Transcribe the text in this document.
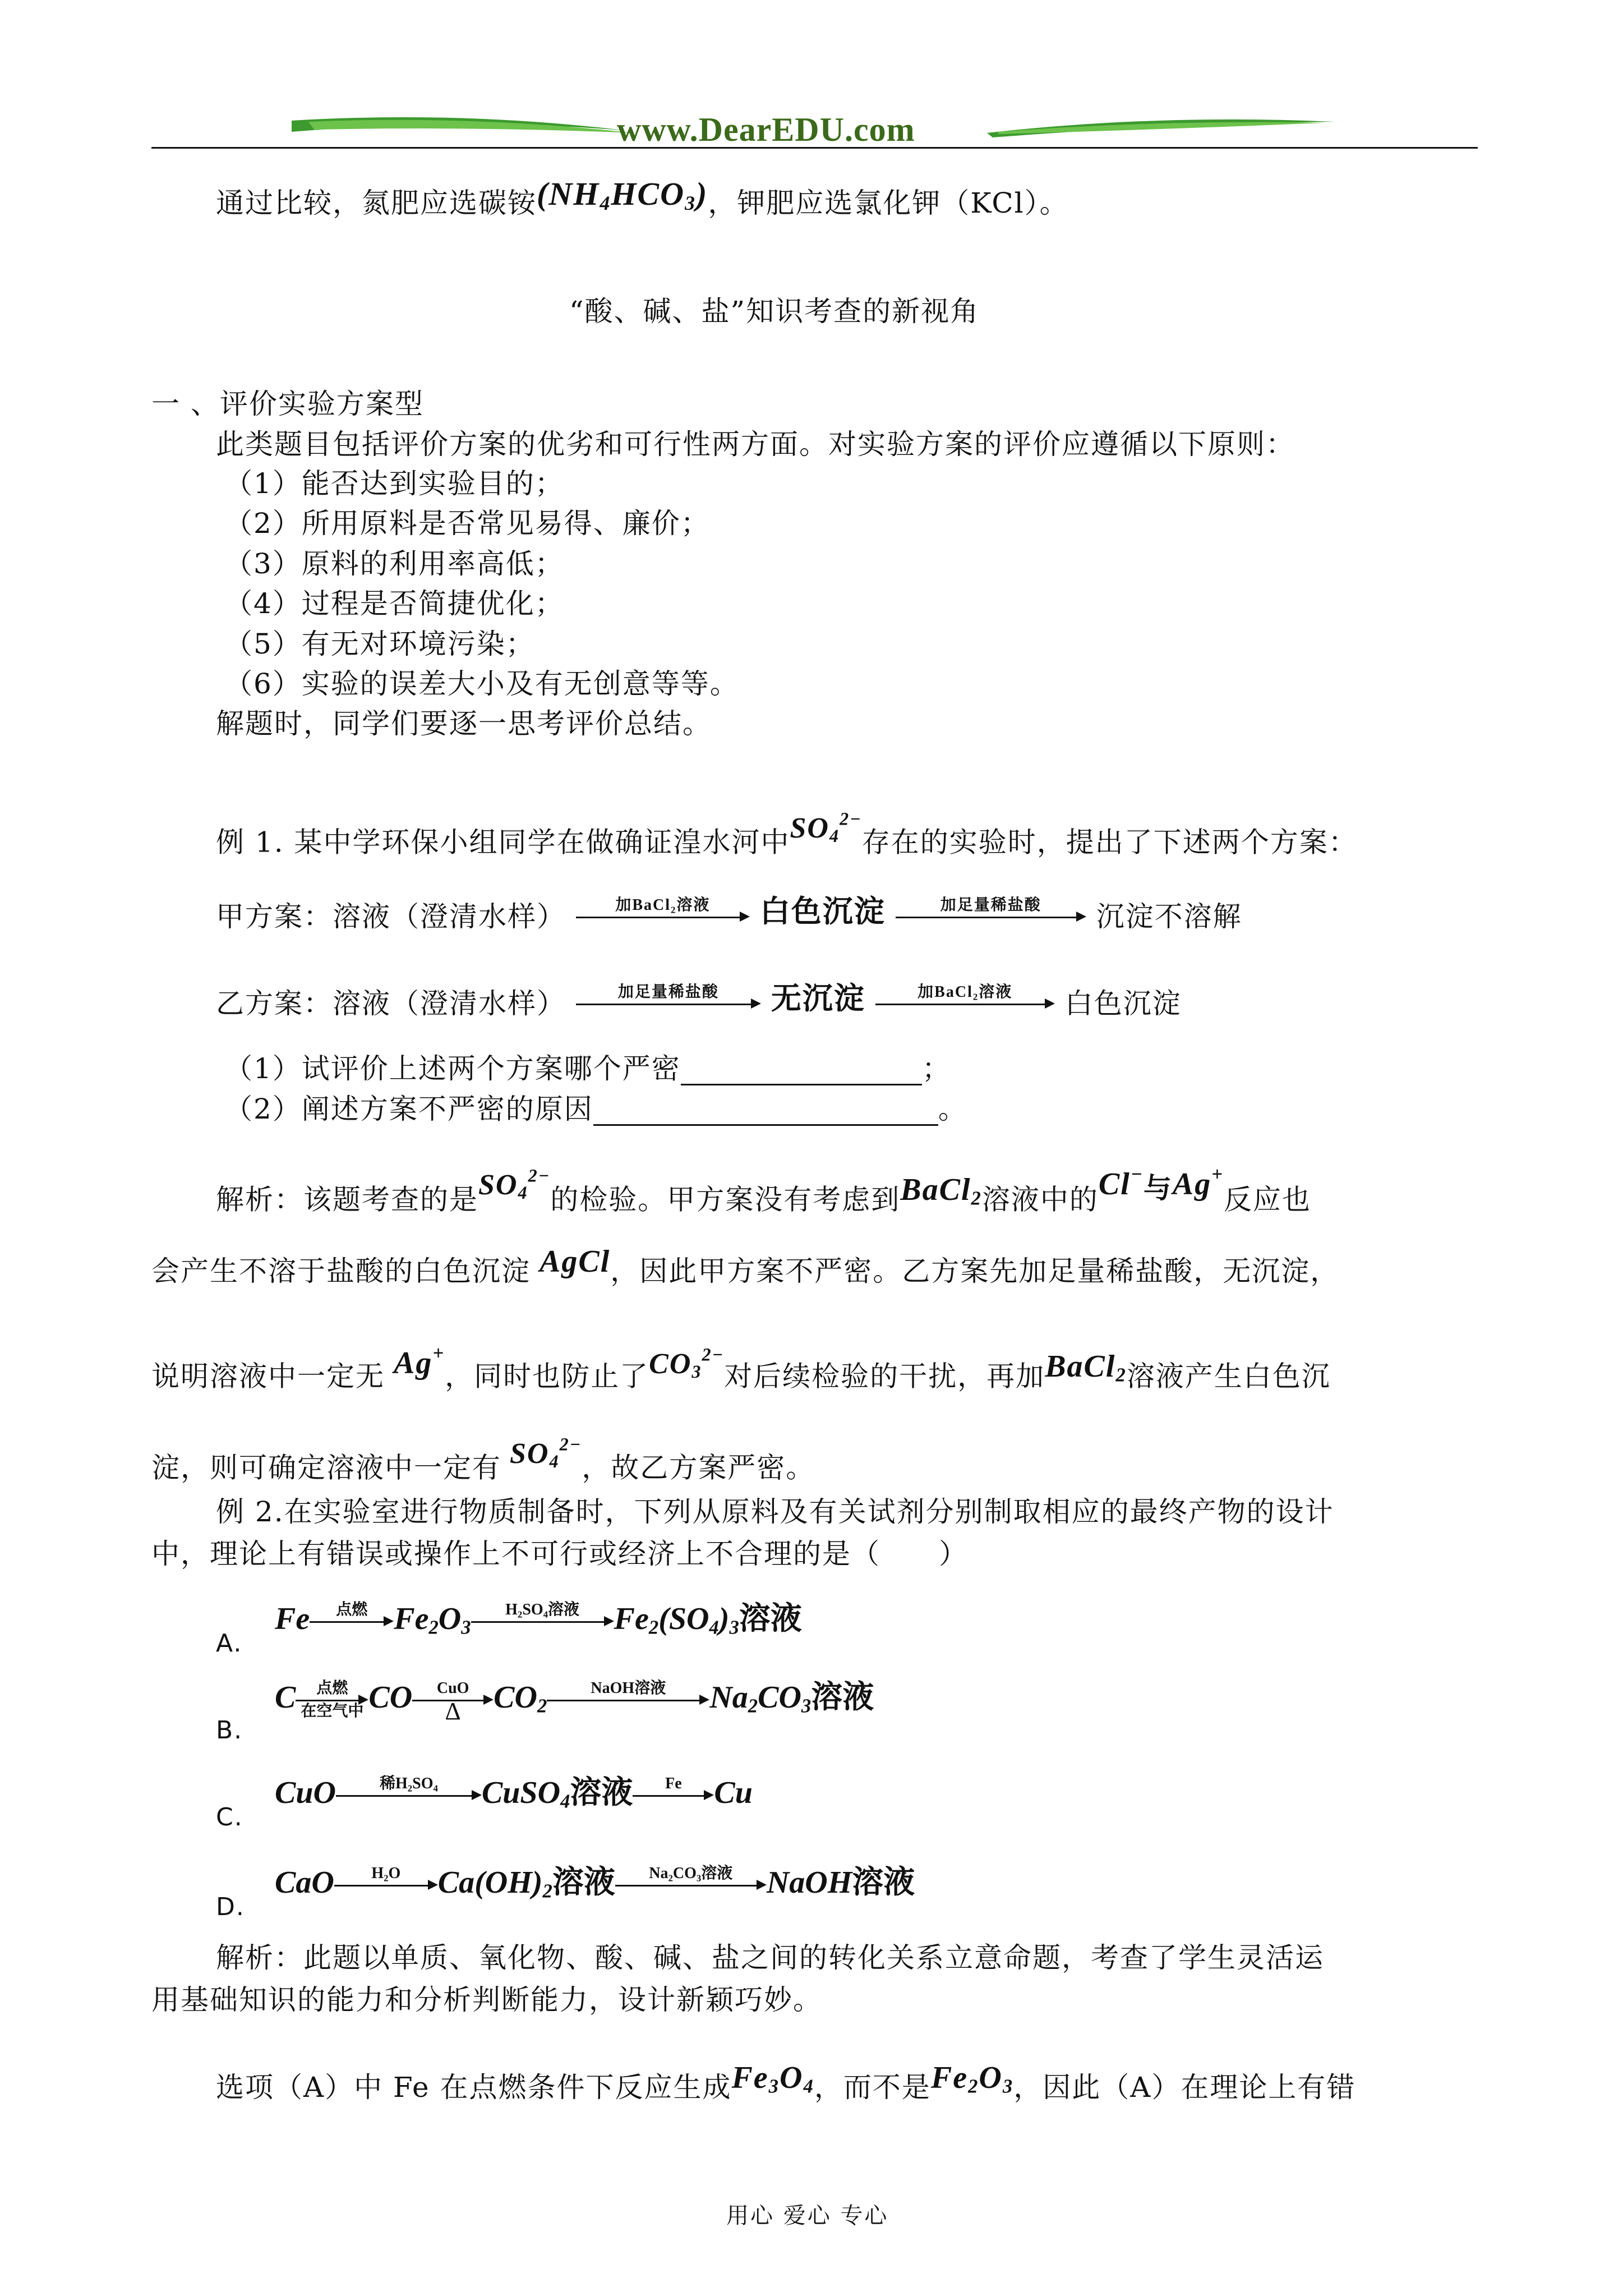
www.DearEDU.com
通过比较，氮肥应选碳铵$(NH_4HCO_3)$，钾肥应选氯化钾（KCl）。
“酸、碱、盐”知识考查的新视角
一 、评价实验方案型
此类题目包括评价方案的优劣和可行性两方面。对实验方案的评价应遵循以下原则：
（1）能否达到实验目的；
（2）所用原料是否常见易得、廉价；
（3）原料的利用率高低；
（4）过程是否简捷优化；
（5）有无对环境污染；
（6）实验的误差大小及有无创意等等。
解题时，同学们要逐一思考评价总结。
例 1. 某中学环保小组同学在做确证湟水河中$SO_4^{2-}$存在的实验时，提出了下述两个方案：
甲方案：溶液（澄清水样）	加BaCl₂溶液	白色沉淀	加足量稀盐酸	沉淀不溶解
乙方案：溶液（澄清水样）	加足量稀盐酸	无沉淀	加BaCl₂溶液	白色沉淀
（1）试评价上述两个方案哪个严密	；
（2）阐述方案不严密的原因	。
解析：该题考查的是$SO_4^{2-}$的检验。甲方案没有考虑到BaCl$_2$溶液中的Cl−与Ag+反应也
会产生不溶于盐酸的白色沉淀 AgCl，因此甲方案不严密。乙方案先加足量稀盐酸，无沉淀，
说明溶液中一定无 Ag+，同时也防止了$CO_3^{2-}$对后续检验的干扰，再加BaCl$_2$溶液产生白色沉
淀，则可确定溶液中一定有 $SO_4^{2-}$，故乙方案严密。
例 2.在实验室进行物质制备时，下列从原料及有关试剂分别制取相应的最终产物的设计
中，理论上有错误或操作上不可行或经济上不合理的是（　　）
A.
Fe	点燃 $Fe_2O_3$
H₂SO₄溶液	$Fe_2(SO_4)_3$溶液
B.
C	点燃
在空气中 CO	CuO
Δ	$CO_2$
NaOH溶液	$Na_2CO_3$溶液
C.
CuO	稀H₂SO₄	CuSO$_4$溶液	Fe	Cu
D.
CaO	H₂O	$Ca(OH)_2$溶液	Na₂CO₃溶液	NaOH溶液
解析：此题以单质、氧化物、酸、碱、盐之间的转化关系立意命题，考查了学生灵活运
用基础知识的能力和分析判断能力，设计新颖巧妙。
选项（A）中 Fe 在点燃条件下反应生成$Fe_3O_4$，而不是$Fe_2O_3$，因此（A）在理论上有错
用心 爱心 专心
